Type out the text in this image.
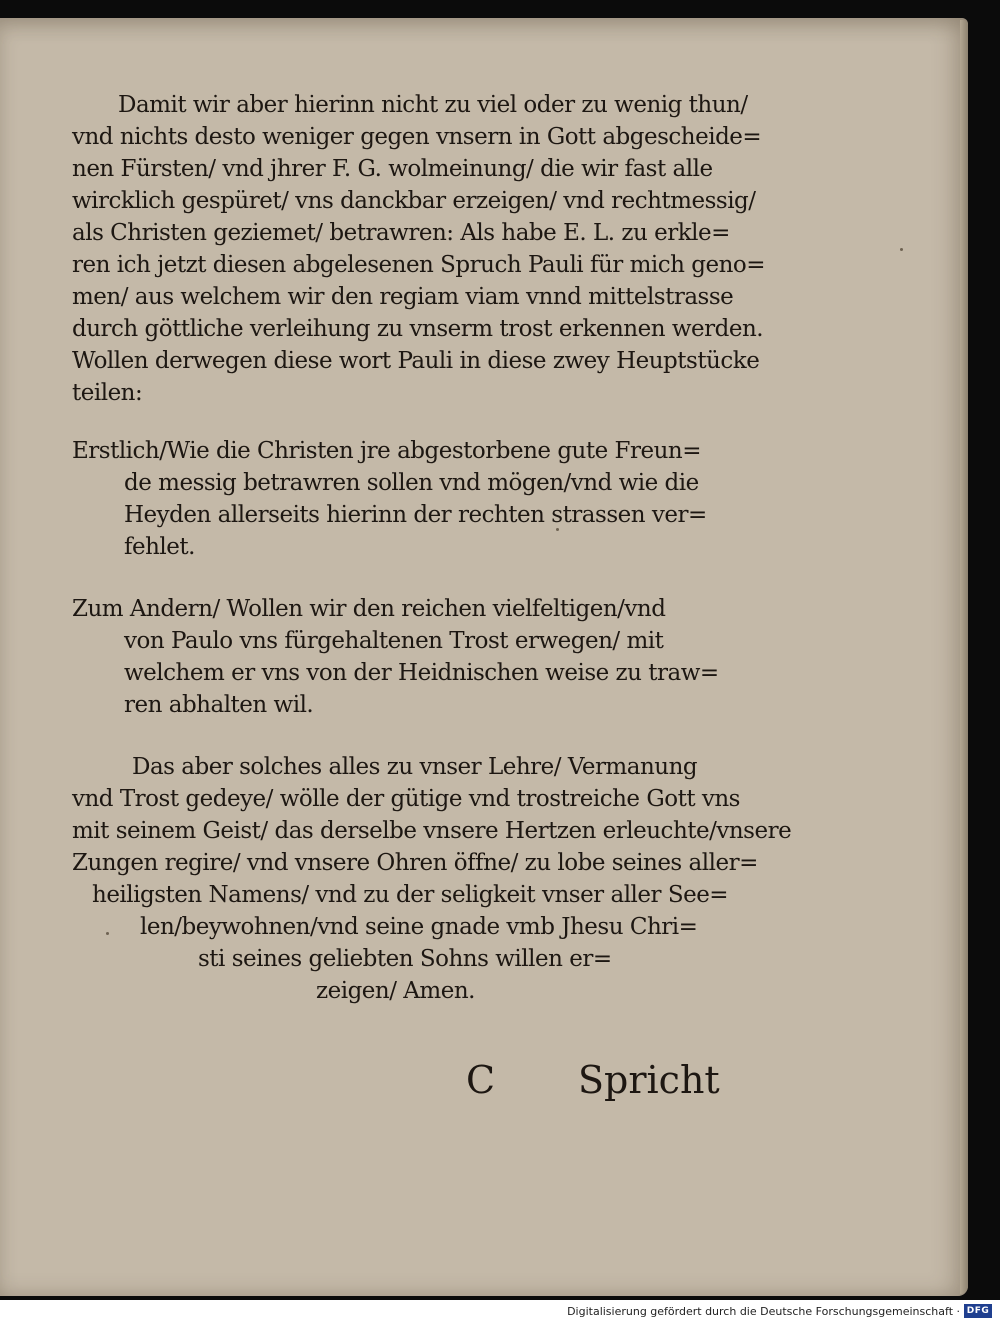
Damit wir aber hierinn nicht zu viel oder zu wenig thun/

vnd nichts desto weniger gegen vnsern in Gott abgescheide=

nen Fürsten/ vnd jhrer F. G. wolmeinung/ die wir fast alle

wircklich gespüret/ vns danckbar erzeigen/ vnd rechtmessig/

als Christen geziemet/ betrawren: Als habe E. L. zu erkle=

ren ich jetzt diesen abgelesenen Spruch Pauli für mich geno=

men/ aus welchem wir den regiam viam vnnd mittelstrasse

durch göttliche verleihung zu vnserm trost erkennen werden.

Wollen derwegen diese wort Pauli in diese zwey Heuptstücke

teilen:

Erstlich/Wie die Christen jre abgestorbene gute Freun=

de messig betrawren sollen vnd mögen/vnd wie die

Heyden allerseits hierinn der rechten strassen ver=

fehlet.

Zum Andern/ Wollen wir den reichen vielfeltigen/vnd

von Paulo vns fürgehaltenen Trost erwegen/ mit

welchem er vns von der Heidnischen weise zu traw=

ren abhalten wil.

Das aber solches alles zu vnser Lehre/ Vermanung

vnd Trost gedeye/ wölle der gütige vnd trostreiche Gott vns

mit seinem Geist/ das derselbe vnsere Hertzen erleuchte/vnsere

Zungen regire/ vnd vnsere Ohren öffne/ zu lobe seines aller=

heiligsten Namens/ vnd zu der seligkeit vnser aller See=

len/beywohnen/vnd seine gnade vmb Jhesu Chri=

sti seines geliebten Sohns willen er=

zeigen/ Amen.

C Spricht
Digitalisierung gefördert durch die Deutsche Forschungsgemeinschaft · DFG
